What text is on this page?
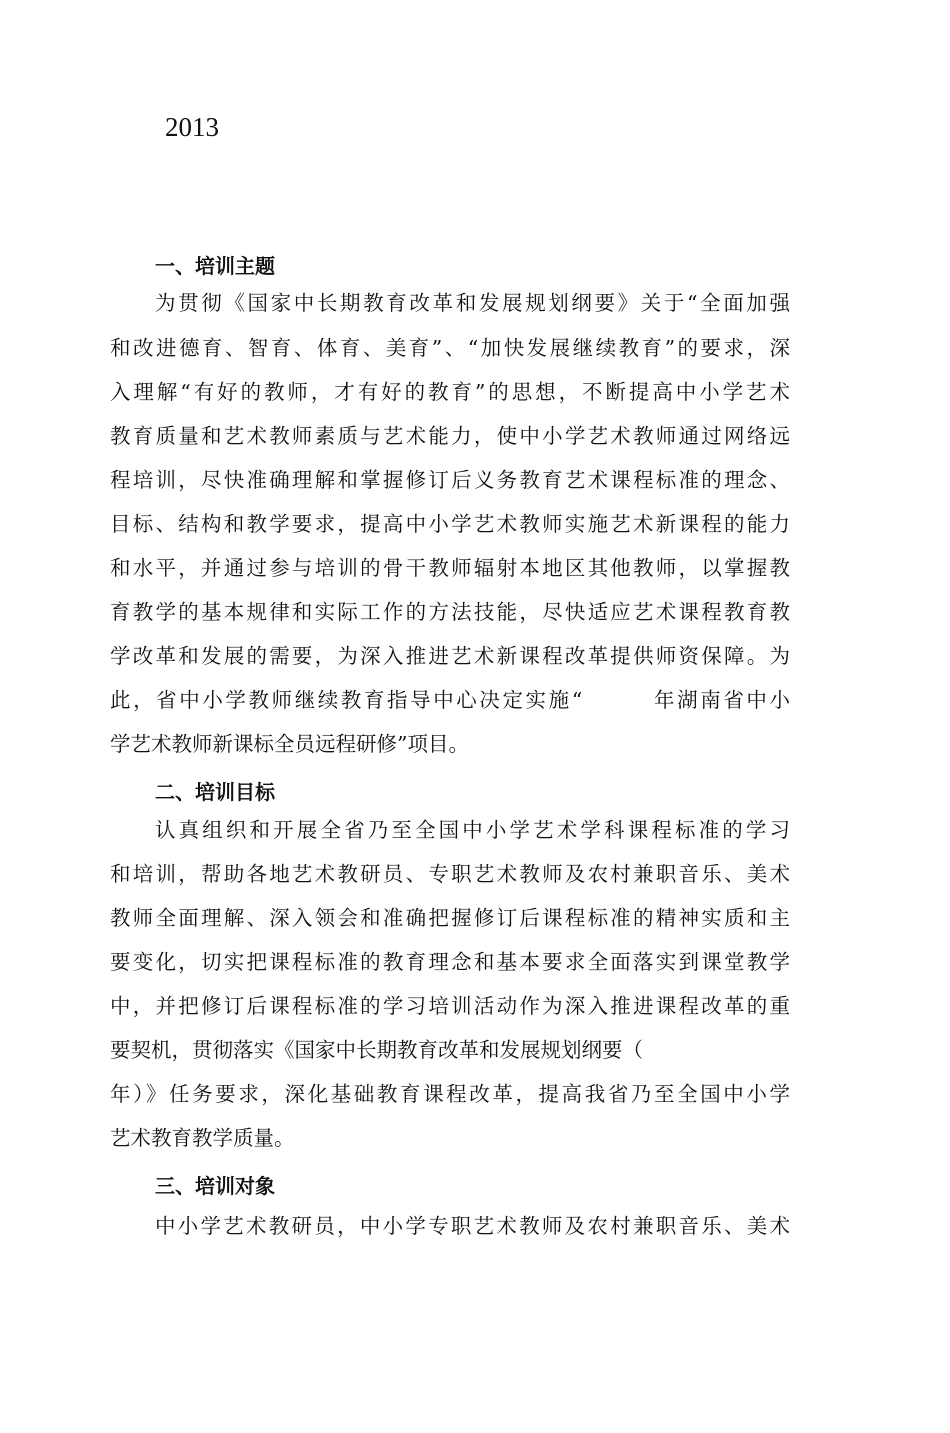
2013
一、培训主题
为贯彻《国家中长期教育改革和发展规划纲要》关于“全面加强
和改进德育、智育、体育、美育”、“加快发展继续教育”的要求，深
入理解“有好的教师，才有好的教育”的思想，不断提高中小学艺术
教育质量和艺术教师素质与艺术能力，使中小学艺术教师通过网络远
程培训，尽快准确理解和掌握修订后义务教育艺术课程标准的理念、
目标、结构和教学要求，提高中小学艺术教师实施艺术新课程的能力
和水平，并通过参与培训的骨干教师辐射本地区其他教师，以掌握教
育教学的基本规律和实际工作的方法技能，尽快适应艺术课程教育教
学改革和发展的需要，为深入推进艺术新课程改革提供师资保障。为
此，省中小学教师继续教育指导中心决定实施“　　　年湖南省中小
学艺术教师新课标全员远程研修”项目。
二、培训目标
认真组织和开展全省乃至全国中小学艺术学科课程标准的学习
和培训，帮助各地艺术教研员、专职艺术教师及农村兼职音乐、美术
教师全面理解、深入领会和准确把握修订后课程标准的精神实质和主
要变化，切实把课程标准的教育理念和基本要求全面落实到课堂教学
中，并把修订后课程标准的学习培训活动作为深入推进课程改革的重
要契机，贯彻落实《国家中长期教育改革和发展规划纲要（
年）》任务要求，深化基础教育课程改革，提高我省乃至全国中小学
艺术教育教学质量。
三、培训对象
中小学艺术教研员，中小学专职艺术教师及农村兼职音乐、美术
